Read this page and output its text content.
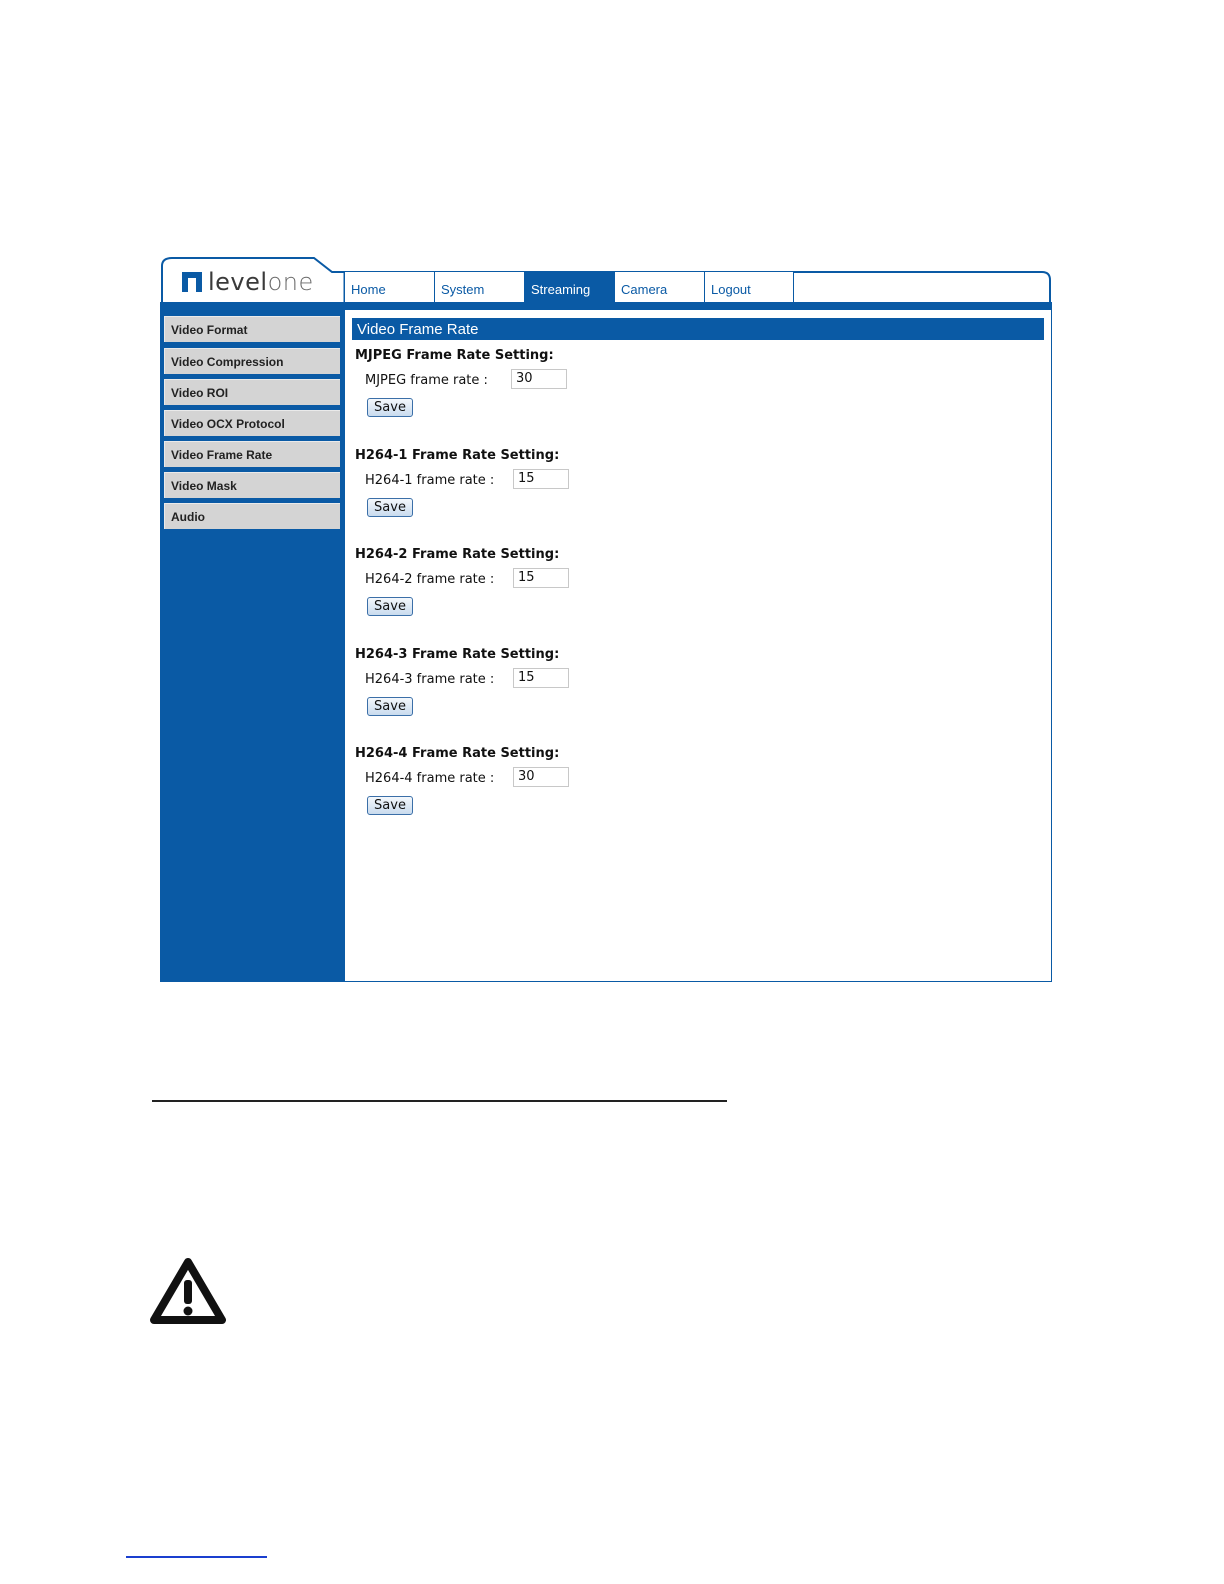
levelone	Home	System	Streaming	Camera	Logout
Video Format
Video Compression
Video ROI
Video OCX Protocol
Video Frame Rate
Video Mask
Audio
Video Frame Rate
MJPEG Frame Rate Setting:
MJPEG frame rate :	30
Save
H264-1 Frame Rate Setting:
H264-1 frame rate :	15
Save
H264-2 Frame Rate Setting:
H264-2 frame rate :	15
Save
H264-3 Frame Rate Setting:
H264-3 frame rate :	15
Save
H264-4 Frame Rate Setting:
H264-4 frame rate :	30
Save
